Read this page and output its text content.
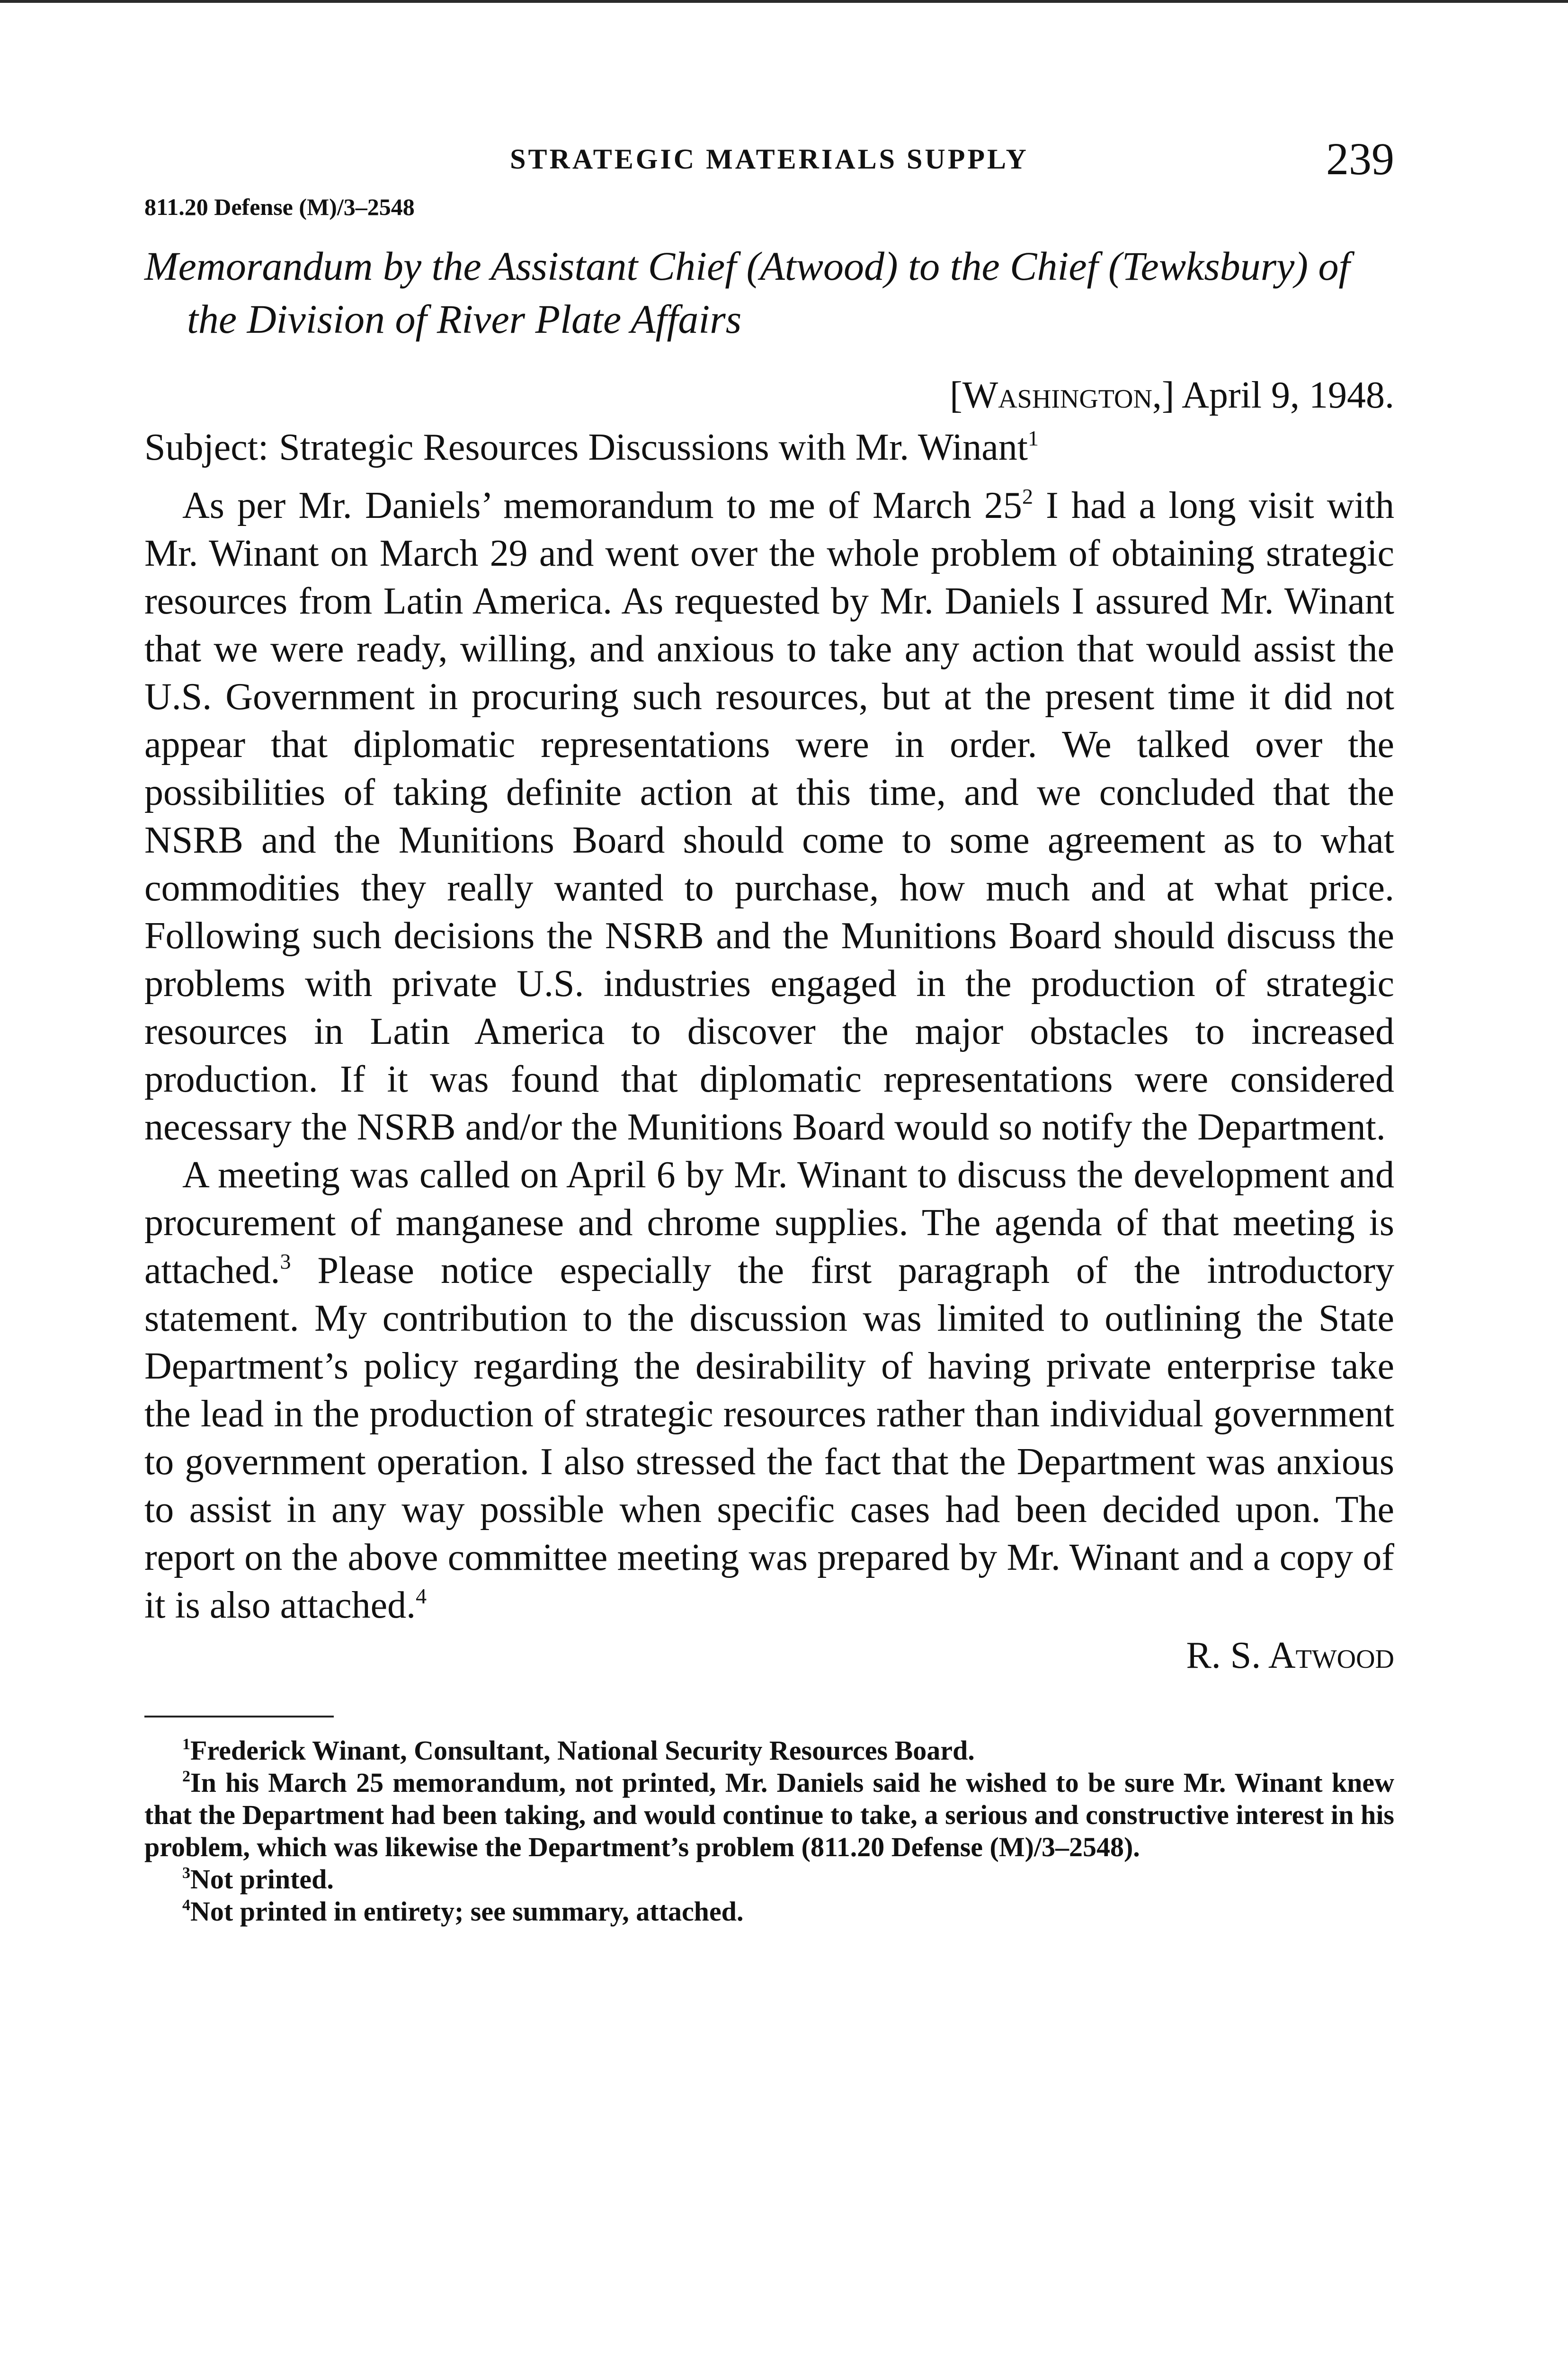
STRATEGIC MATERIALS SUPPLY	239
811.20 Defense (M)/3–2548
Memorandum by the Assistant Chief (Atwood) to the Chief (Tewksbury) of the Division of River Plate Affairs
[Washington,] April 9, 1948.
Subject: Strategic Resources Discussions with Mr. Winant$^1$

As per Mr. Daniels’ memorandum to me of March $25^2$ I had a long visit with Mr. Winant on March 29 and went over the whole problem of obtaining strategic resources from Latin America. As requested by Mr. Daniels I assured Mr. Winant that we were ready, willing, and anxious to take any action that would assist the U.S. Government in procuring such resources, but at the present time it did not appear that diplomatic representations were in order. We talked over the possibilities of taking definite action at this time, and we concluded that the NSRB and the Munitions Board should come to some agreement as to what commodities they really wanted to purchase, how much and at what price. Following such decisions the NSRB and the Munitions Board should discuss the problems with private U.S. industries engaged in the production of strategic resources in Latin America to discover the major obstacles to increased production. If it was found that diplomatic representations were considered necessary the NSRB and/or the Munitions Board would so notify the Department.

A meeting was called on April 6 by Mr. Winant to discuss the development and procurement of manganese and chrome supplies. The agenda of that meeting is attached.$^3$ Please notice especially the first paragraph of the introductory statement. My contribution to the discussion was limited to outlining the State Department’s policy regarding the desirability of having private enterprise take the lead in the production of strategic resources rather than individual government to government operation. I also stressed the fact that the Department was anxious to assist in any way possible when specific cases had been decided upon. The report on the above committee meeting was prepared by Mr. Winant and a copy of it is also attached.$^4$

R. S. Atwood

$^1$Frederick Winant, Consultant, National Security Resources Board.

$^2$In his March 25 memorandum, not printed, Mr. Daniels said he wished to be sure Mr. Winant knew that the Department had been taking, and would continue to take, a serious and constructive interest in his problem, which was likewise the Department’s problem (811.20 Defense (M)/3–2548).

$^3$Not printed.

$^4$Not printed in entirety; see summary, attached.
